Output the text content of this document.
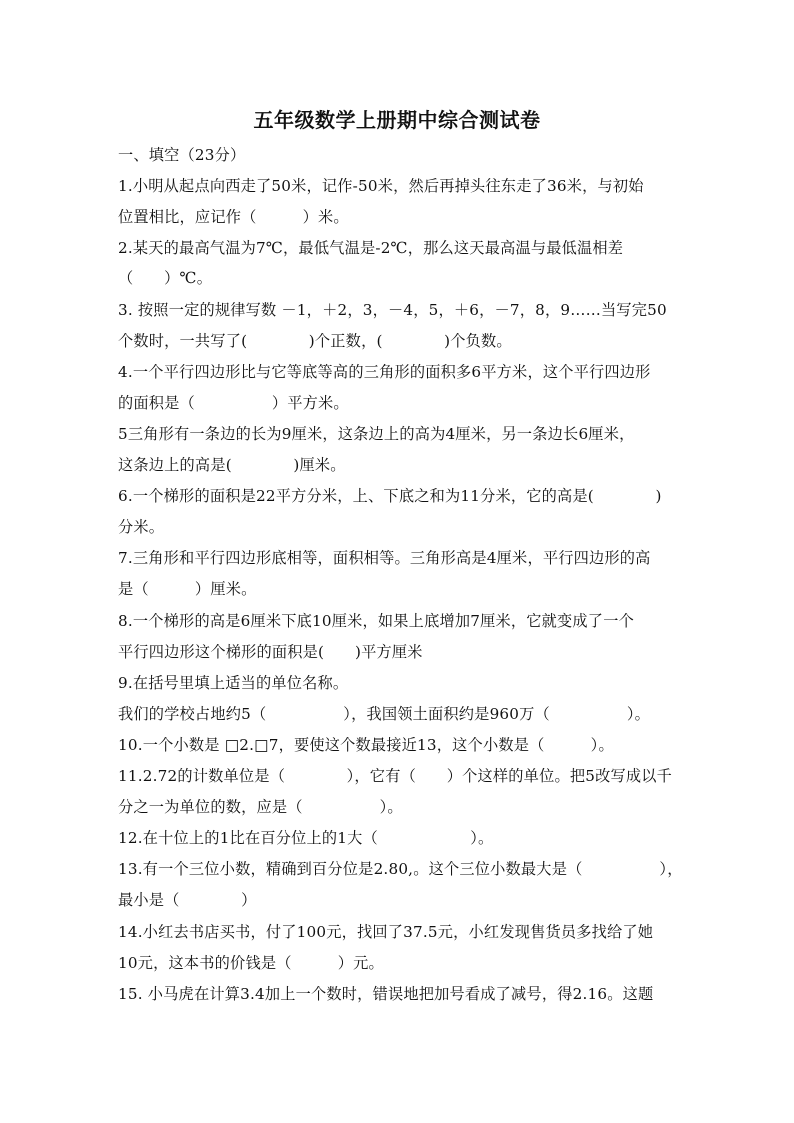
五年级数学上册期中综合测试卷
一、填空（23分）
1.小明从起点向西走了50米，记作-50米，然后再掉头往东走了36米，与初始
位置相比，应记作（　　　）米。
2.某天的最高气温为7℃，最低气温是-2℃，那么这天最高温与最低温相差
（　　）℃。
3. 按照一定的规律写数 －1，＋2，3，－4，5，＋6，－7，8，9……当写完50
个数时，一共写了(　　　　)个正数，(　　　　)个负数。
4.一个平行四边形比与它等底等高的三角形的面积多6平方米，这个平行四边形
的面积是（　　　　　）平方米。
5三角形有一条边的长为9厘米，这条边上的高为4厘米，另一条边长6厘米，
这条边上的高是(　　　　)厘米。
6.一个梯形的面积是22平方分米，上、下底之和为11分米，它的高是(　　　　)
分米。
7.三角形和平行四边形底相等，面积相等。三角形高是4厘米，平行四边形的高
是（　　　）厘米。
8.一个梯形的高是6厘米下底10厘米，如果上底增加7厘米，它就变成了一个
平行四边形这个梯形的面积是(　　)平方厘米
9.在括号里填上适当的单位名称。
我们的学校占地约5（　　　　　），我国领土面积约是960万（　　　　　）。
10.一个小数是 □2.□7，要使这个数最接近13，这个小数是（　　　）。
11.2.72的计数单位是（　　　　），它有（　　）个这样的单位。把5改写成以千
分之一为单位的数，应是（　　　　　）。
12.在十位上的1比在百分位上的1大（　　　　　　）。
13.有一个三位小数，精确到百分位是2.80,。这个三位小数最大是（　　　　　），
最小是（　　　　）
14.小红去书店买书，付了100元，找回了37.5元，小红发现售货员多找给了她
10元，这本书的价钱是（　　　）元。
15. 小马虎在计算3.4加上一个数时，错误地把加号看成了减号，得2.16。这题
